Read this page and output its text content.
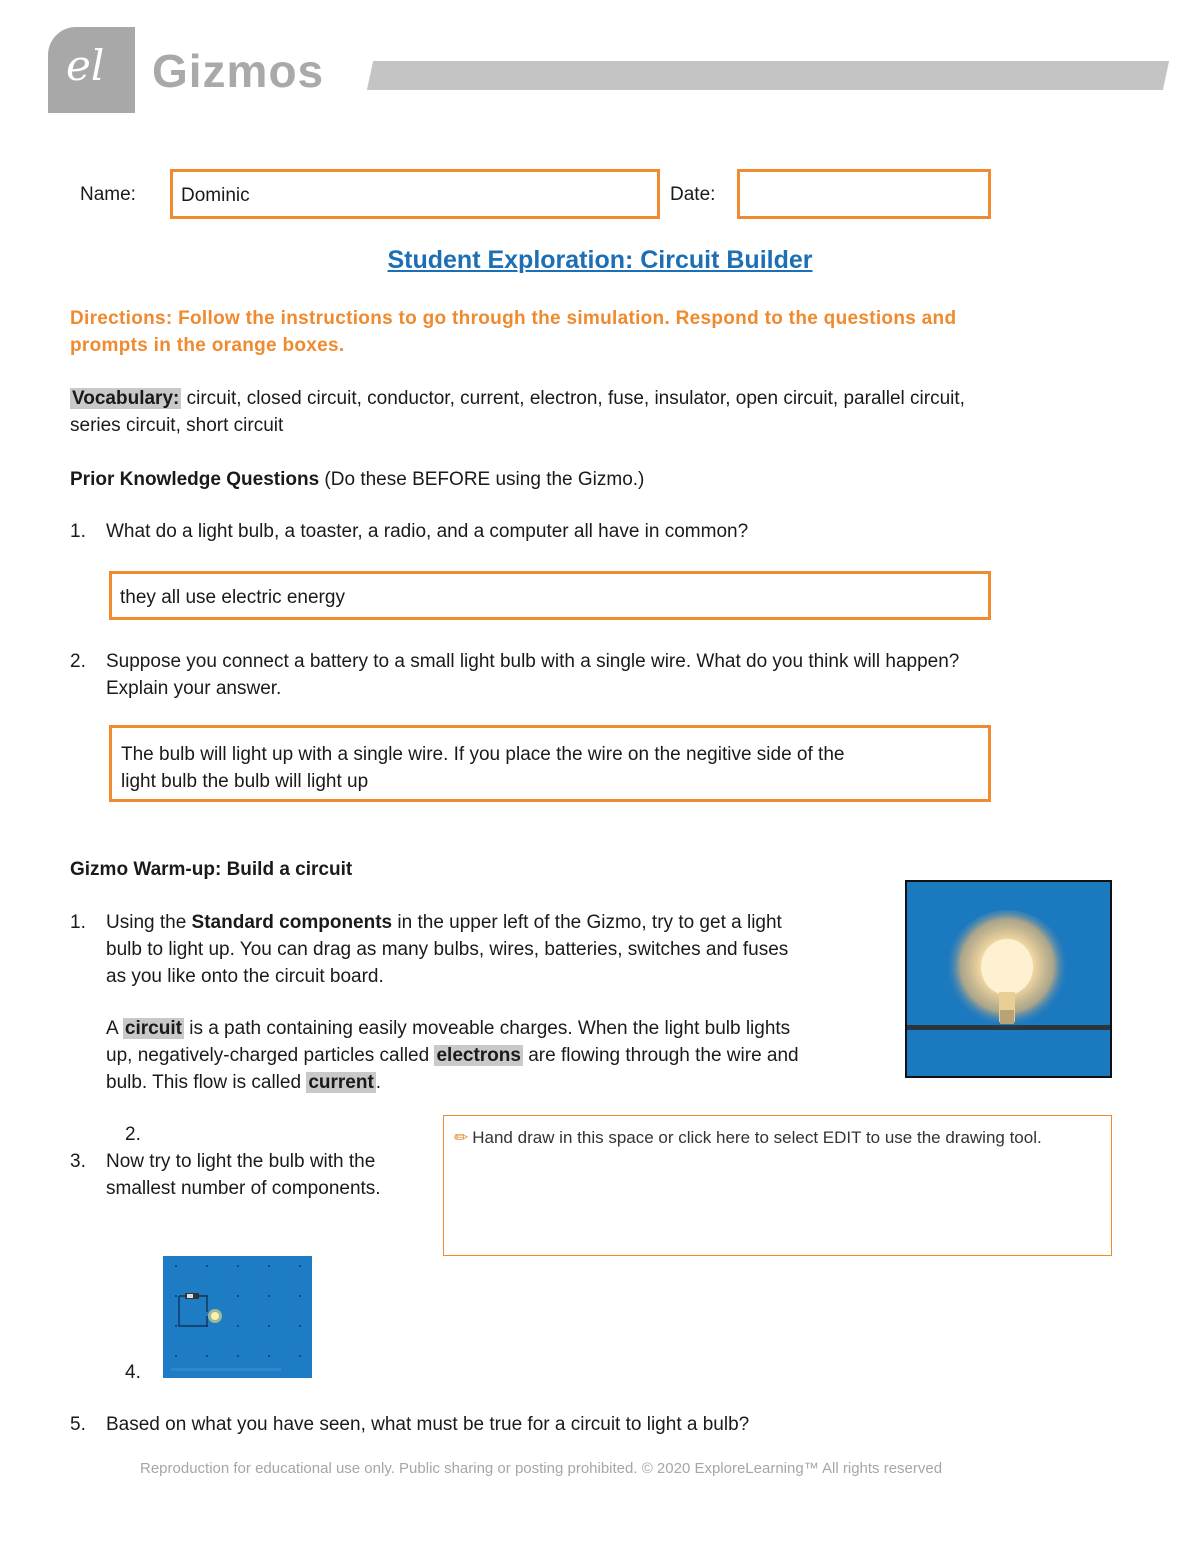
el Gizmos
Name: Dominic	Date:
Student Exploration: Circuit Builder
Directions: Follow the instructions to go through the simulation. Respond to the questions and
prompts in the orange boxes.
Vocabulary: circuit, closed circuit, conductor, current, electron, fuse, insulator, open circuit, parallel circuit,
series circuit, short circuit
Prior Knowledge Questions (Do these BEFORE using the Gizmo.)
1. What do a light bulb, a toaster, a radio, and a computer all have in common?
they all use electric energy
2. Suppose you connect a battery to a small light bulb with a single wire. What do you think will happen?
Explain your answer.
The bulb will light up with a single wire. If you place the wire on the negitive side of the
light bulb the bulb will light up
Gizmo Warm-up: Build a circuit
1. Using the Standard components in the upper left of the Gizmo, try to get a light
bulb to light up. You can drag as many bulbs, wires, batteries, switches and fuses
as you like onto the circuit board.
A circuit is a path containing easily moveable charges. When the light bulb lights
up, negatively-charged particles called electrons are flowing through the wire and
bulb. This flow is called current .
2.
3. Now try to light the bulb with the
smallest number of components.
✏ Hand draw in this space or click here to select EDIT to use the drawing tool.
4.
5. Based on what you have seen, what must be true for a circuit to light a bulb?
Reproduction for educational use only. Public sharing or posting prohibited. © 2020 ExploreLearning™ All rights reserved
